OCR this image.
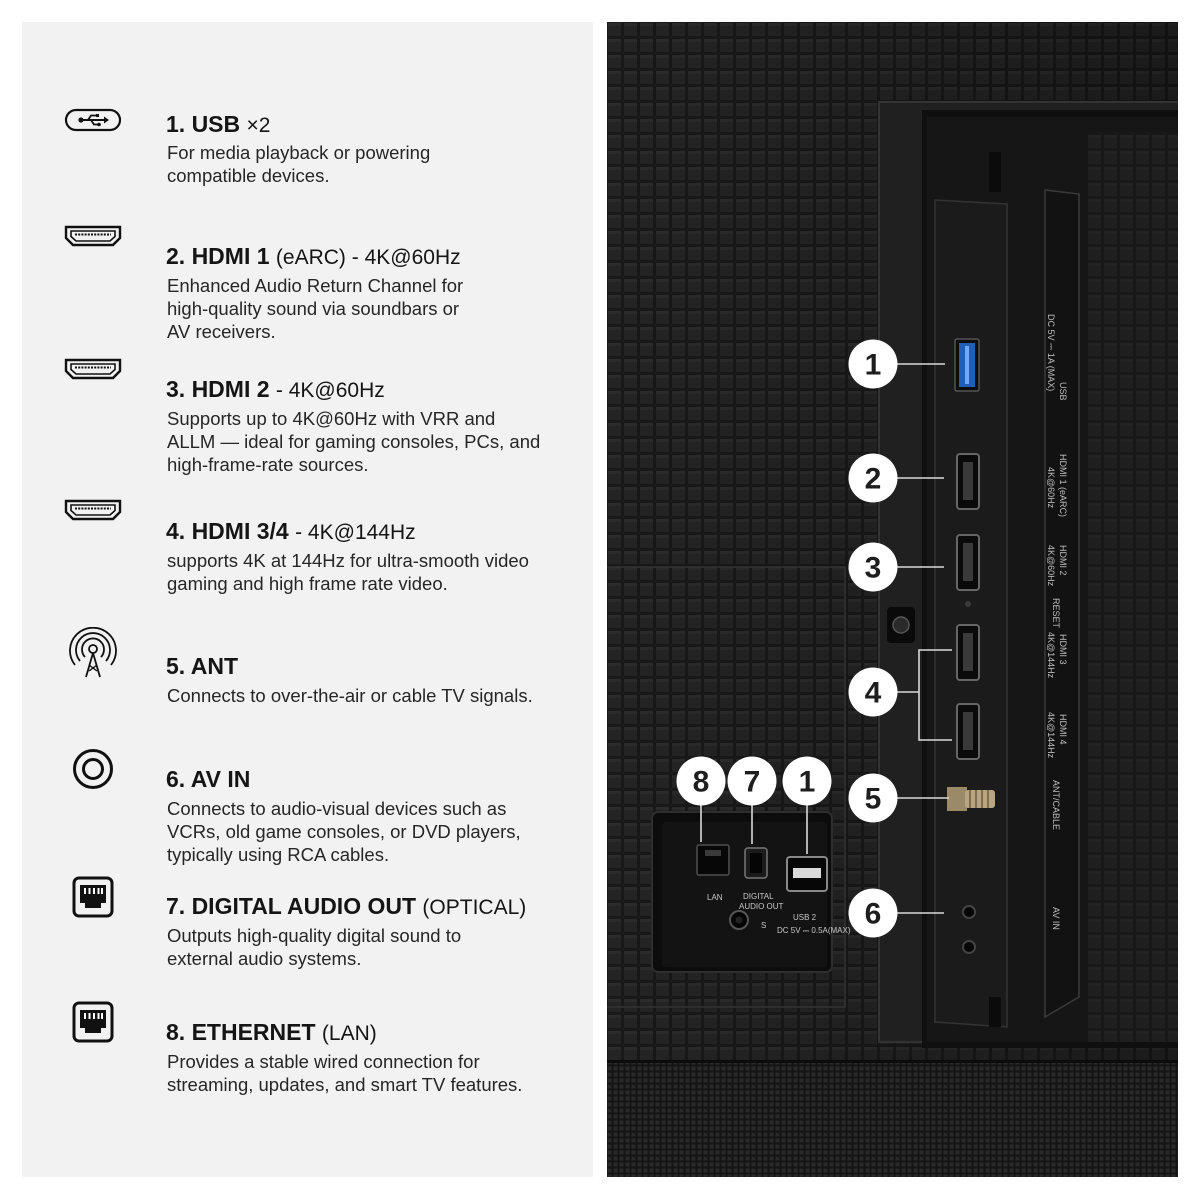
1. USB ×2
For media playback or powering
compatible devices.
2. HDMI 1 (eARC) - 4K@60Hz
Enhanced Audio Return Channel for
high-quality sound via soundbars or
AV receivers.
3. HDMI 2 - 4K@60Hz
Supports up to 4K@60Hz with VRR and
ALLM — ideal for gaming consoles, PCs, and
high-frame-rate sources.
4. HDMI 3/4 - 4K@144Hz
supports 4K at 144Hz for ultra-smooth video
gaming and high frame rate video.
5. ANT
Connects to over-the-air or cable TV signals.
6. AV IN
Connects to audio-visual devices such as
VCRs, old game consoles, or DVD players,
typically using RCA cables.
7. DIGITAL AUDIO OUT (OPTICAL)
Outputs high-quality digital sound to
external audio systems.
8. ETHERNET (LAN)
Provides a stable wired connection for
streaming, updates, and smart TV features.
USB
DC 5V ⎓ 1A (MAX)
HDMI 1 (eARC)
4K@60Hz
HDMI 2
4K@60Hz
RESET
HDMI 3
4K@144Hz
HDMI 4
4K@144Hz
ANT/CABLE
AV IN
LAN	DIGITAL
AUDIO OUT
USB 2
DC 5V ⎓ 0.5A(MAX)
S
1
2
3
4
5
6
8 7 1
